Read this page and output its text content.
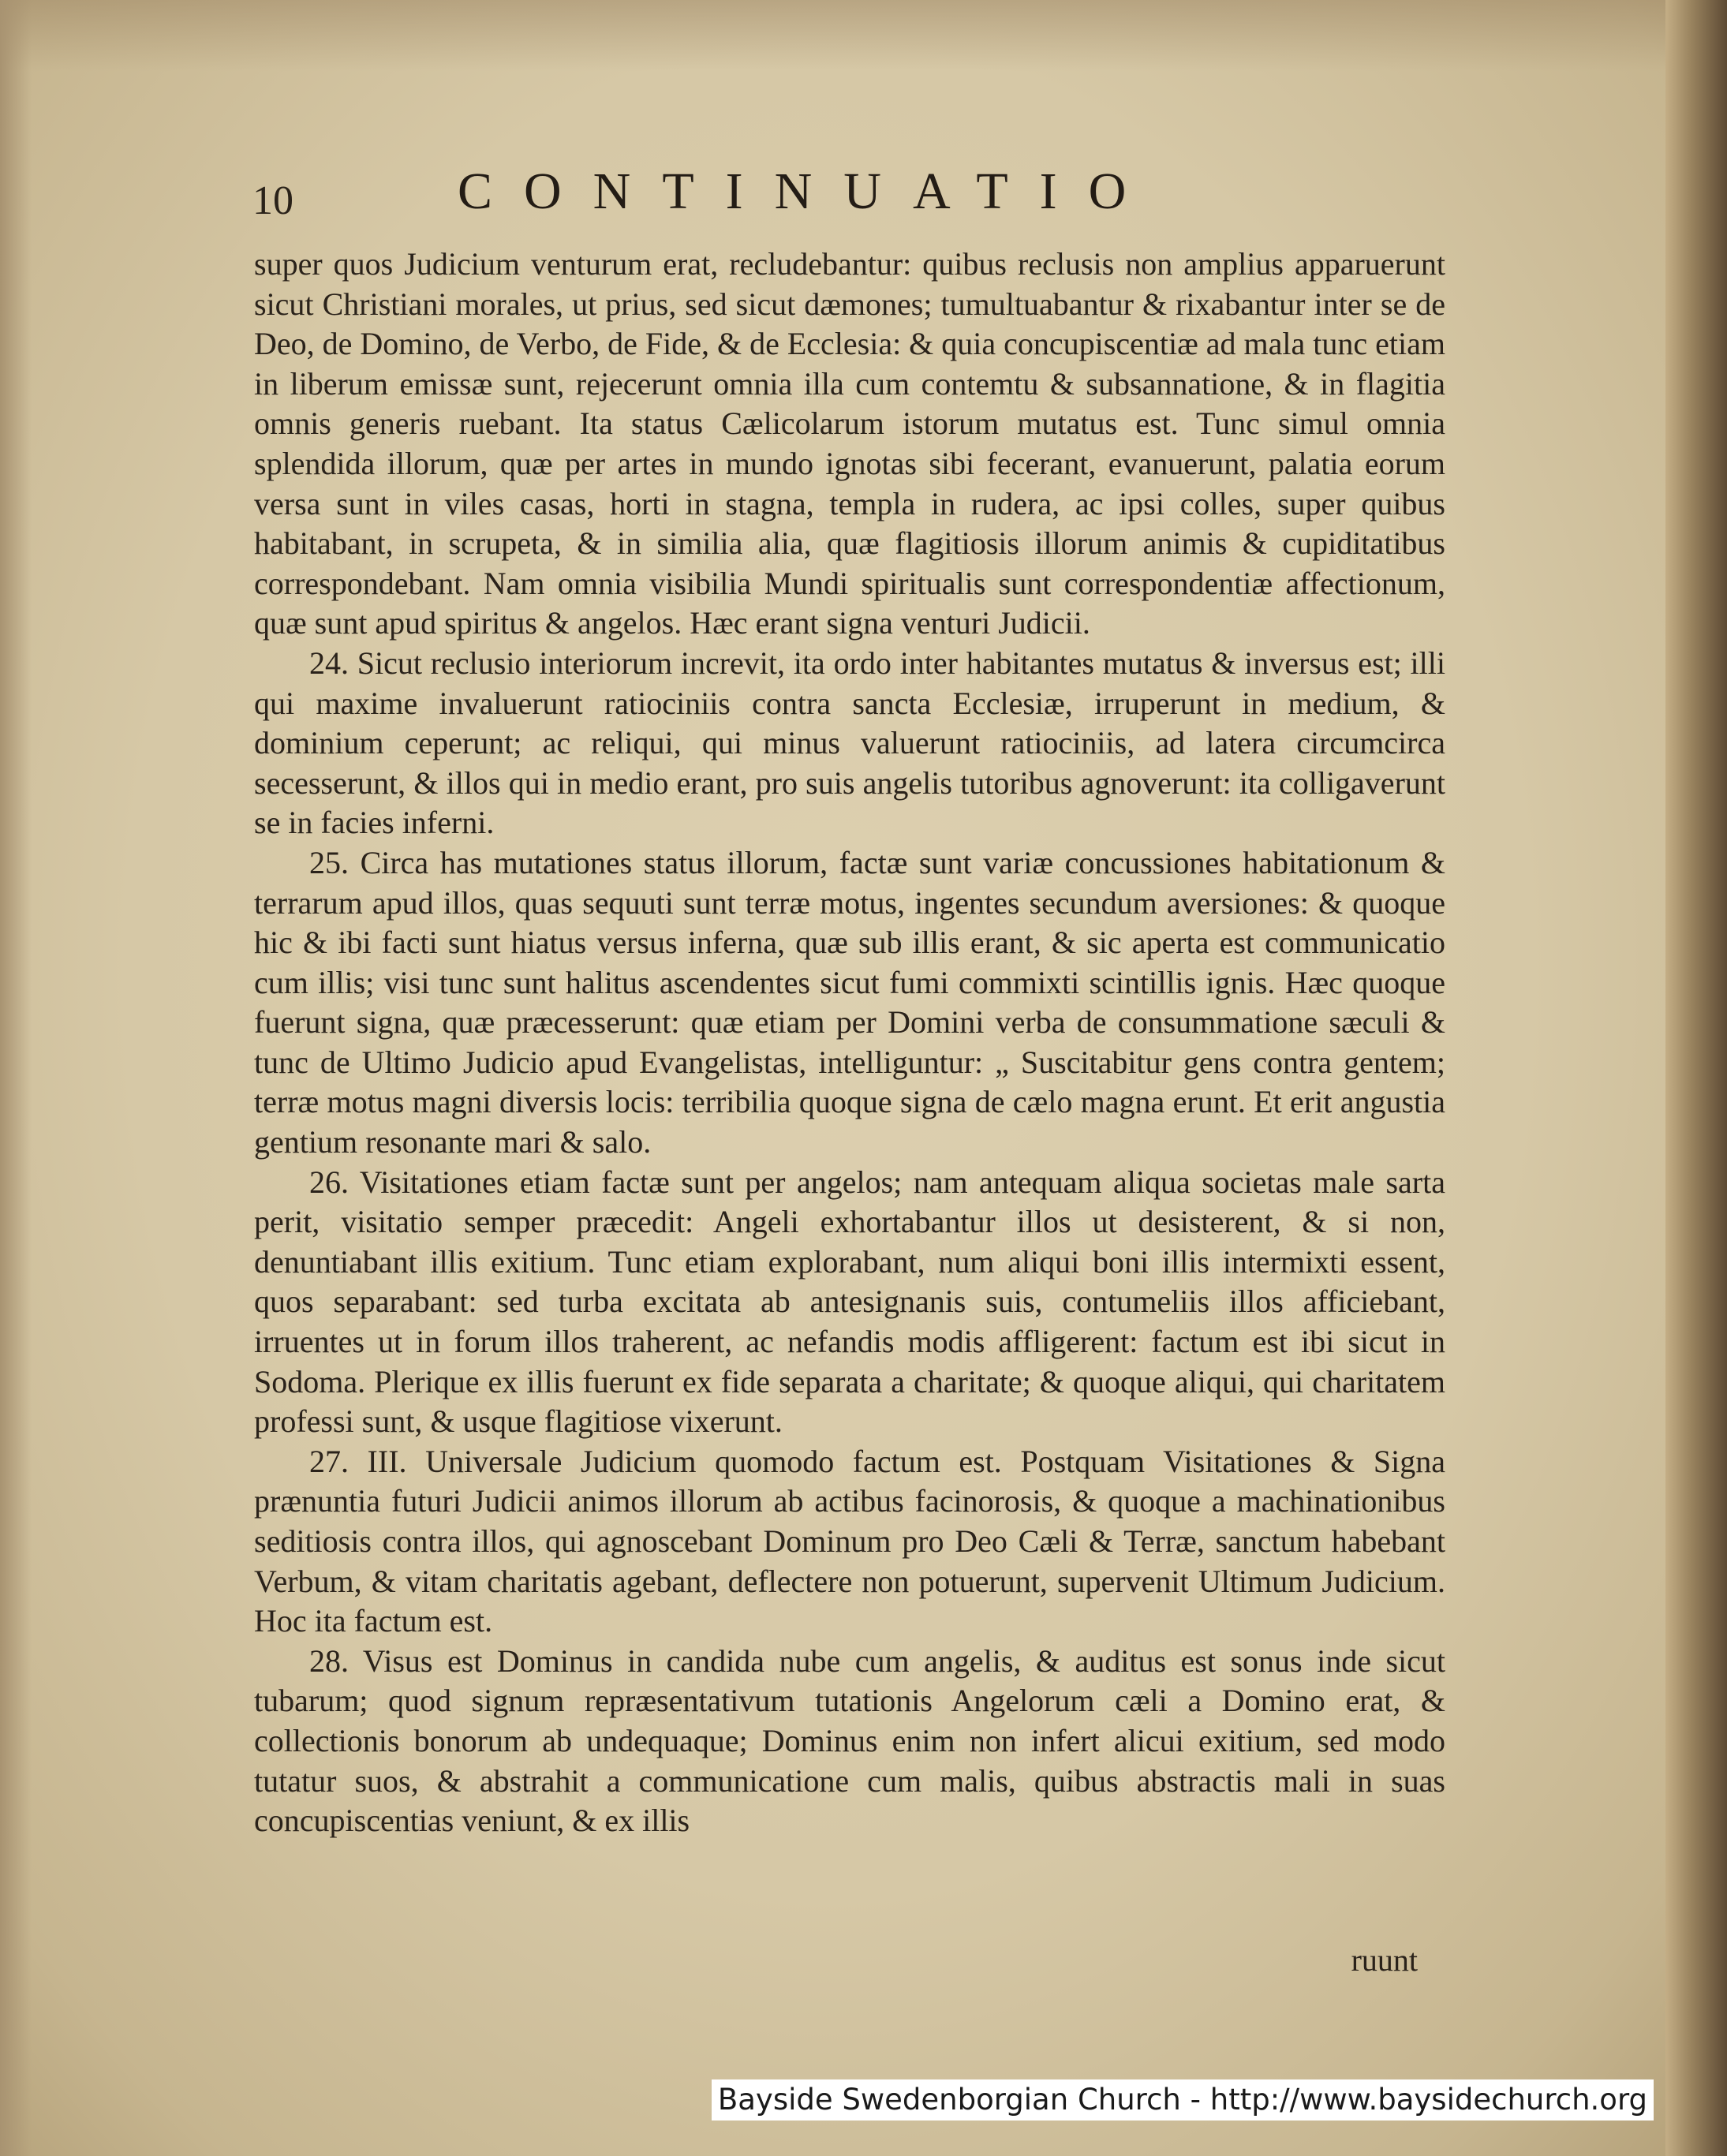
10	CONTINUATIO

super quos Judicium venturum erat, recludebantur: quibus reclusis non amplius apparuerunt sicut Christiani morales, ut prius, sed sicut dæmones; tumultuabantur & rixabantur inter se de Deo, de Domino, de Verbo, de Fide, & de Ecclesia: & quia concupiscentiæ ad mala tunc etiam in liberum emissæ sunt, rejecerunt omnia illa cum contemtu & subsannatione, & in flagitia omnis generis ruebant. Ita status Cælicolarum istorum mutatus est. Tunc simul omnia splendida illorum, quæ per artes in mundo ignotas sibi fecerant, evanuerunt, palatia eorum versa sunt in viles casas, horti in stagna, templa in rudera, ac ipsi colles, super quibus habitabant, in scrupeta, & in similia alia, quæ flagitiosis illorum animis & cupiditatibus correspondebant. Nam omnia visibilia Mundi spiritualis sunt correspondentiæ affectionum, quæ sunt apud spiritus & angelos. Hæc erant signa venturi Judicii.

24. Sicut reclusio interiorum increvit, ita ordo inter habitantes mutatus & inversus est; illi qui maxime invaluerunt ratiociniis contra sancta Ecclesiæ, irruperunt in medium, & dominium ceperunt; ac reliqui, qui minus valuerunt ratiociniis, ad latera circumcirca secesserunt, & illos qui in medio erant, pro suis angelis tutoribus agnoverunt: ita colligaverunt se in facies inferni.

25. Circa has mutationes status illorum, factæ sunt variæ concussiones habitationum & terrarum apud illos, quas sequuti sunt terræ motus, ingentes secundum aversiones: & quoque hic & ibi facti sunt hiatus versus inferna, quæ sub illis erant, & sic aperta est communicatio cum illis; visi tunc sunt halitus ascendentes sicut fumi commixti scintillis ignis. Hæc quoque fuerunt signa, quæ præcesserunt: quæ etiam per Domini verba de consummatione sæculi & tunc de Ultimo Judicio apud Evangelistas, intelliguntur: „ Suscitabitur gens contra gentem; terræ motus magni diversis locis: terribilia quoque signa de cælo magna erunt. Et erit angustia gentium resonante mari & salo.

26. Visitationes etiam factæ sunt per angelos; nam antequam aliqua societas male sarta perit, visitatio semper præcedit: Angeli exhortabantur illos ut desisterent, & si non, denuntiabant illis exitium. Tunc etiam explorabant, num aliqui boni illis intermixti essent, quos separabant: sed turba excitata ab antesignanis suis, contumeliis illos afficiebant, irruentes ut in forum illos traherent, ac nefandis modis affligerent: factum est ibi sicut in Sodoma. Plerique ex illis fuerunt ex fide separata a charitate; & quoque aliqui, qui charitatem professi sunt, & usque flagitiose vixerunt.

27. III. Universale Judicium quomodo factum est. Postquam Visitationes & Signa prænuntia futuri Judicii animos illorum ab actibus facinorosis, & quoque a machinationibus seditiosis contra illos, qui agnoscebant Dominum pro Deo Cæli & Terræ, sanctum habebant Verbum, & vitam charitatis agebant, deflectere non potuerunt, supervenit Ultimum Judicium. Hoc ita factum est.

28. Visus est Dominus in candida nube cum angelis, & auditus est sonus inde sicut tubarum; quod signum repræsentativum tutationis Angelorum cæli a Domino erat, & collectionis bonorum ab undequaque; Dominus enim non infert alicui exitium, sed modo tutatur suos, & abstrahit a communicatione cum malis, quibus abstractis mali in suas concupiscentias veniunt, & ex illis

ruunt
Bayside Swedenborgian Church - http://www.baysidechurch.org
